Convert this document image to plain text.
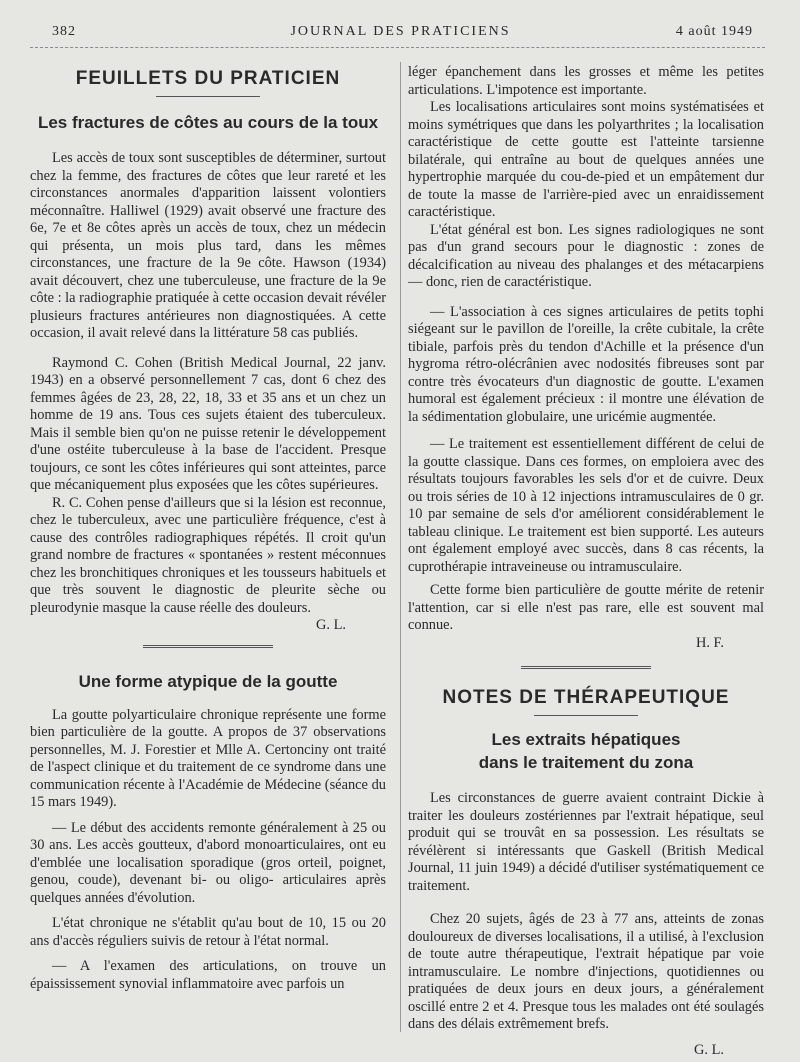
JOURNAL DES PRATICIENS
382	4 août 1949
FEUILLETS DU PRATICIEN
Les fractures de côtes au cours de la toux

Les accès de toux sont susceptibles de déterminer, surtout chez la femme, des fractures de côtes que leur rareté et les circonstances anormales d'apparition laissent volontiers méconnaître. Halliwel (1929) avait observé une fracture des 6e, 7e et 8e côtes après un accès de toux, chez un médecin qui présenta, un mois plus tard, dans les mêmes circonstances, une fracture de la 9e côte. Hawson (1934) avait découvert, chez une tuberculeuse, une fracture de la 9e côte : la radiographie pratiquée à cette occasion devait révéler plusieurs fractures antérieures non diagnostiquées. A cette occasion, il avait relevé dans la littérature 58 cas publiés.

Raymond C. Cohen (British Medical Journal, 22 janv. 1943) en a observé personnellement 7 cas, dont 6 chez des femmes âgées de 23, 28, 22, 18, 33 et 35 ans et un chez un homme de 19 ans. Tous ces sujets étaient des tuberculeux. Mais il semble bien qu'on ne puisse retenir le développement d'une ostéite tuberculeuse à la base de l'accident. Presque toujours, ce sont les côtes inférieures qui sont atteintes, parce que mécaniquement plus exposées que les côtes supérieures.

R. C. Cohen pense d'ailleurs que si la lésion est reconnue, chez le tuberculeux, avec une particulière fréquence, c'est à cause des contrôles radiographiques répétés. Il croit qu'un grand nombre de fractures « spontanées » restent méconnues chez les bronchitiques chroniques et les tousseurs habituels et que très souvent le diagnostic de pleurite sèche ou pleurodynie masque la cause réelle des douleurs.

G. L.

Une forme atypique de la goutte

La goutte polyarticulaire chronique représente une forme bien particulière de la goutte. A propos de 37 observations personnelles, M. J. Forestier et Mlle A. Certonciny ont traité de l'aspect clinique et du traitement de ce syndrome dans une communication récente à l'Académie de Médecine (séance du 15 mars 1949).

— Le début des accidents remonte généralement à 25 ou 30 ans. Les accès goutteux, d'abord monoarticulaires, ont eu d'emblée une localisation sporadique (gros orteil, poignet, genou, coude), devenant bi- ou oligo- articulaires après quelques années d'évolution.

L'état chronique ne s'établit qu'au bout de 10, 15 ou 20 ans d'accès réguliers suivis de retour à l'état normal.

— A l'examen des articulations, on trouve un épaississement synovial inflammatoire avec parfois un

léger épanchement dans les grosses et même les petites articulations. L'impotence est importante.

Les localisations articulaires sont moins systématisées et moins symétriques que dans les polyarthrites ; la localisation caractéristique de cette goutte est l'atteinte tarsienne bilatérale, qui entraîne au bout de quelques années une hypertrophie marquée du cou-de-pied et un empâtement dur de toute la masse de l'arrière-pied avec un enraidissement caractéristique.

L'état général est bon. Les signes radiologiques ne sont pas d'un grand secours pour le diagnostic : zones de décalcification au niveau des phalanges et des métacarpiens — donc, rien de caractéristique.

— L'association à ces signes articulaires de petits tophi siégeant sur le pavillon de l'oreille, la crête cubitale, la crête tibiale, parfois près du tendon d'Achille et la présence d'un hygroma rétro-olécrânien avec nodosités fibreuses sont par contre très évocateurs d'un diagnostic de goutte. L'examen humoral est également précieux : il montre une élévation de la sédimentation globulaire, une uricémie augmentée.

— Le traitement est essentiellement différent de celui de la goutte classique. Dans ces formes, on emploiera avec des résultats toujours favorables les sels d'or et de cuivre. Deux ou trois séries de 10 à 12 injections intramusculaires de 0 gr. 10 par semaine de sels d'or améliorent considérablement le tableau clinique. Le traitement est bien supporté. Les auteurs ont également employé avec succès, dans 8 cas récents, la cuprothérapie intraveineuse ou intramusculaire.

Cette forme bien particulière de goutte mérite de retenir l'attention, car si elle n'est pas rare, elle est souvent mal connue.

H. F.

NOTES DE THÉRAPEUTIQUE
Les extraits hépatiques
dans le traitement du zona

Les circonstances de guerre avaient contraint Dickie à traiter les douleurs zostériennes par l'extrait hépatique, seul produit qui se trouvât en sa possession. Les résultats se révélèrent si intéressants que Gaskell (British Medical Journal, 11 juin 1949) a décidé d'utiliser systématiquement ce traitement.

Chez 20 sujets, âgés de 23 à 77 ans, atteints de zonas douloureux de diverses localisations, il a utilisé, à l'exclusion de toute autre thérapeutique, l'extrait hépatique par voie intramusculaire. Le nombre d'injections, quotidiennes ou pratiquées de deux jours en deux jours, a généralement oscillé entre 2 et 4. Presque tous les malades ont été soulagés dans des délais extrêmement brefs.

G. L.
